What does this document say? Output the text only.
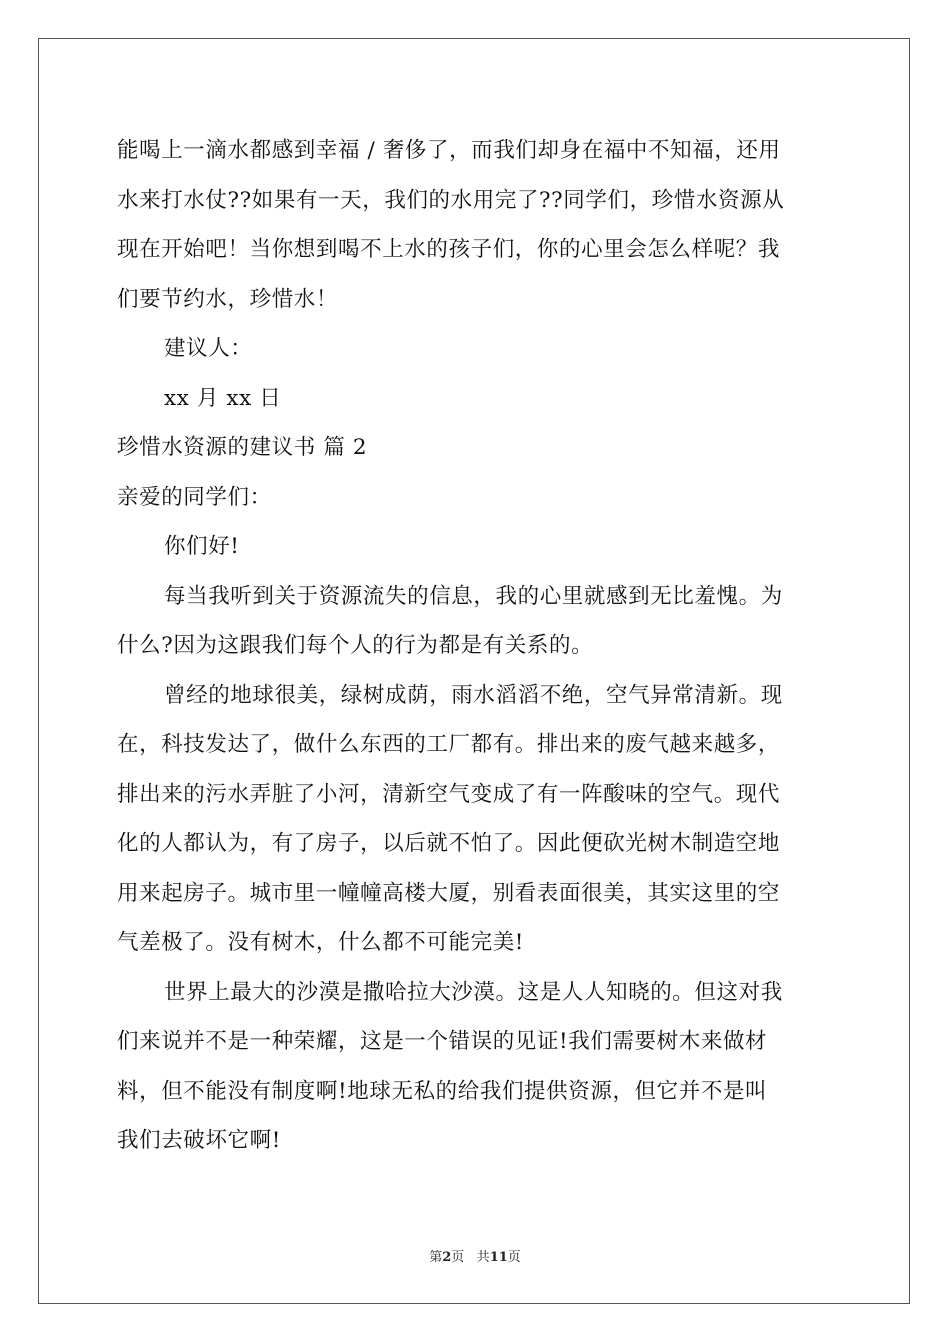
能喝上一滴水都感到幸福 / 奢侈了，而我们却身在福中不知福，还用
水来打水仗??如果有一天，我们的水用完了??同学们，珍惜水资源从
现在开始吧！当你想到喝不上水的孩子们，你的心里会怎么样呢？我
们要节约水，珍惜水！
建议人：
xx 月 xx 日
珍惜水资源的建议书 篇 2
亲爱的同学们：
你们好!
每当我听到关于资源流失的信息，我的心里就感到无比羞愧。为
什么?因为这跟我们每个人的行为都是有关系的。
曾经的地球很美，绿树成荫，雨水滔滔不绝，空气异常清新。现
在，科技发达了，做什么东西的工厂都有。排出来的废气越来越多，
排出来的污水弄脏了小河，清新空气变成了有一阵酸味的空气。现代
化的人都认为，有了房子，以后就不怕了。因此便砍光树木制造空地
用来起房子。城市里一幢幢高楼大厦，别看表面很美，其实这里的空
气差极了。没有树木，什么都不可能完美!
世界上最大的沙漠是撒哈拉大沙漠。这是人人知晓的。但这对我
们来说并不是一种荣耀，这是一个错误的见证!我们需要树木来做材
料，但不能没有制度啊!地球无私的给我们提供资源，但它并不是叫
我们去破坏它啊!
第2页 共11页
